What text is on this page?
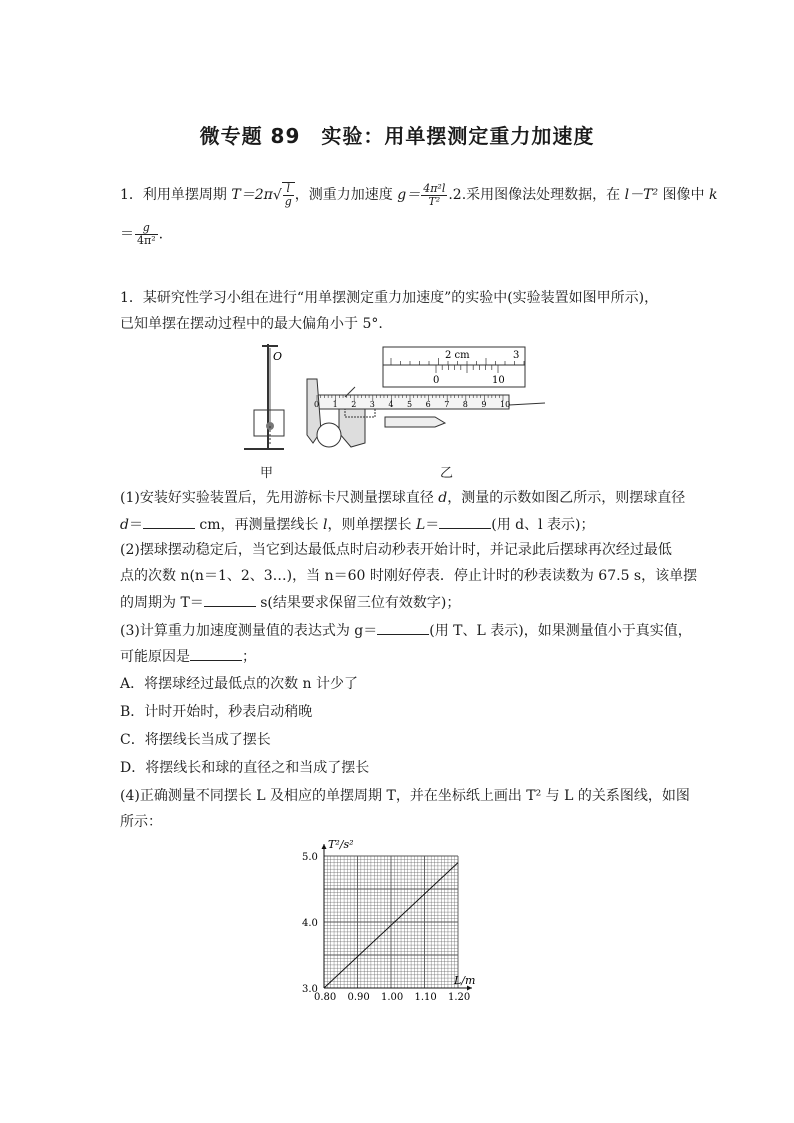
微专题 89　实验：用单摆测定重力加速度
1．利用单摆周期 $T=2\pi√ \frac{l}{g}$ ，测重力加速度 $g= \frac{\text{4π²l}}{\text{T²}} .2$.采用图像法处理数据，在 l－T² 图像中 k
＝ $\frac{g}{\text{4π²}}$ .
1．某研究性学习小组在进行“用单摆测定重力加速度”的实验中(实验装置如图甲所示)，
已知单摆在摆动过程中的最大偏角小于 5°.
O
甲
2 cm	3
0	10
0 1 2 3 4 5 6 7 8 9 10
乙
(1)安装好实验装置后，先用游标卡尺测量摆球直径 d，测量的示数如图乙所示，则摆球直径
d＝	cm，再测量摆线长 l，则单摆摆长 L＝	(用 d、l 表示)；
(2)摆球摆动稳定后，当它到达最低点时启动秒表开始计时，并记录此后摆球再次经过最低
点的次数 n(n＝1、2、3…)，当 n＝60 时刚好停表．停止计时的秒表读数为 67.5 s，该单摆
的周期为 T＝	s(结果要求保留三位有效数字)；
(3)计算重力加速度测量值的表达式为 g＝	(用 T、L 表示)，如果测量值小于真实值，
可能原因是	；
A．将摆球经过最低点的次数 n 计少了
B．计时开始时，秒表启动稍晚
C．将摆线长当成了摆长
D．将摆线长和球的直径之和当成了摆长
(4)正确测量不同摆长 L 及相应的单摆周期 T，并在坐标纸上画出 T² 与 L 的关系图线，如图
所示：
0.80 0.90 1.00 1.10 1.20
3.0
4.0
5.0
T²/s²
L/m
